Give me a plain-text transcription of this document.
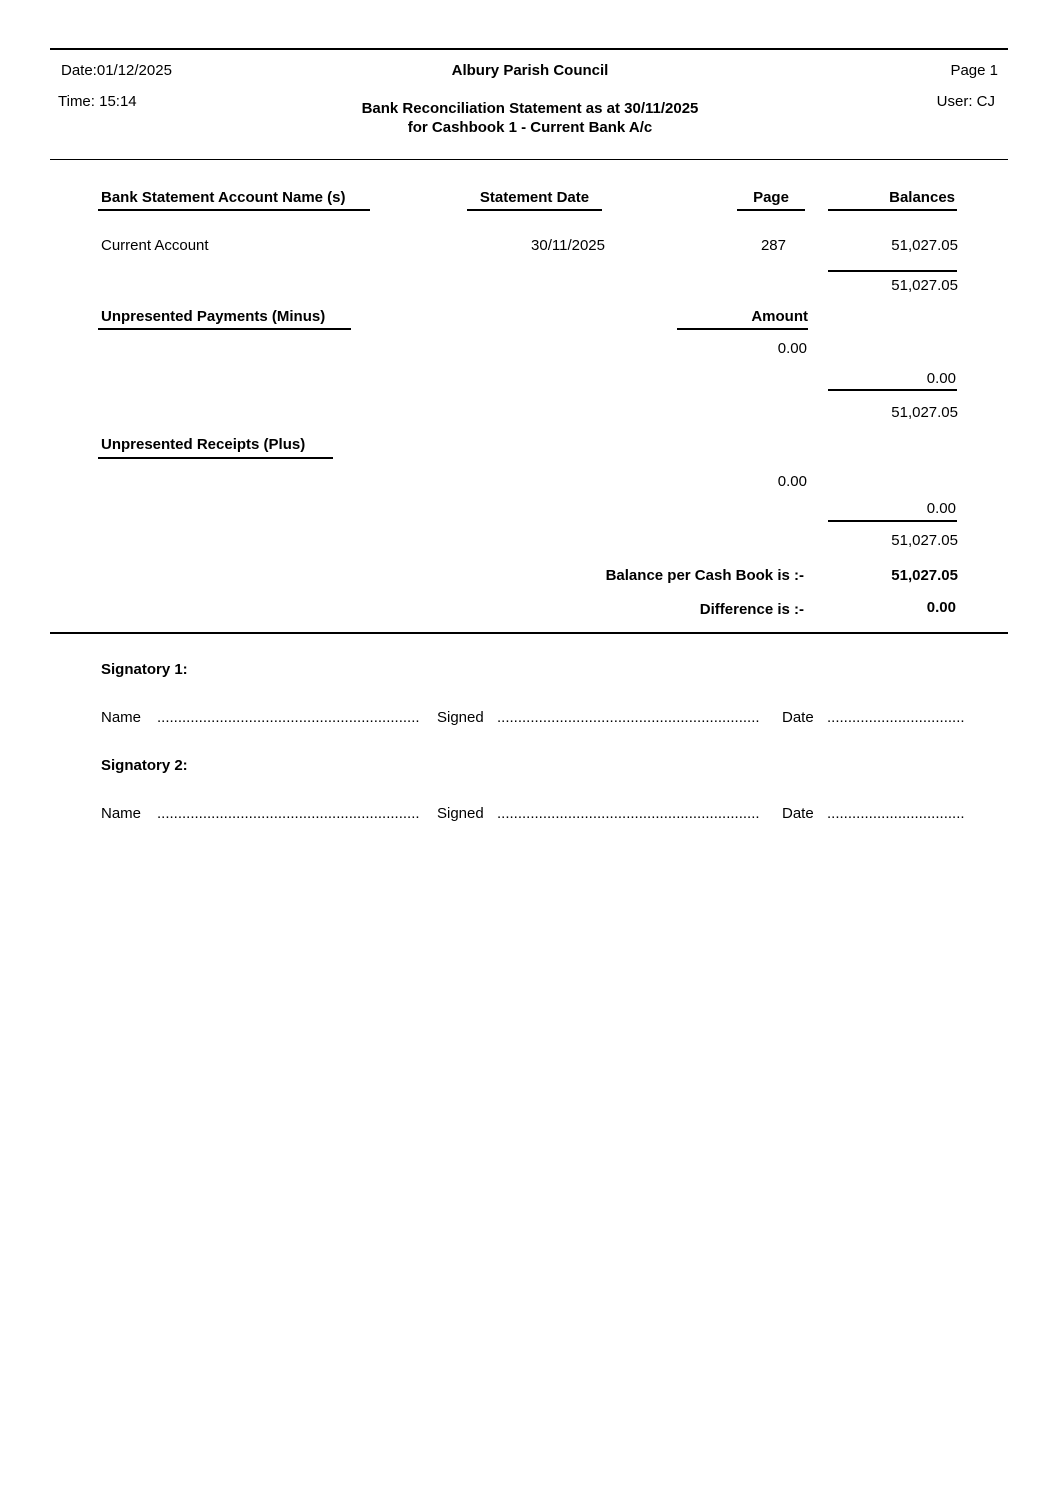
Date:01/12/2025
Time: 15:14
Albury Parish Council
Bank Reconciliation Statement as at 30/11/2025
for Cashbook 1 - Current Bank A/c
Page 1
User: CJ
Bank Statement Account Name (s)	Statement Date	Page	Balances
Current Account	30/11/2025	287	51,027.05
51,027.05
Unpresented Payments (Minus)	Amount
0.00
0.00
51,027.05
Unpresented Receipts (Plus)
0.00
0.00
51,027.05
Balance per Cash Book is :-	51,027.05
Difference is :-	0.00
Signatory 1:
Name ...............................................................	Signed ...............................................................	Date .................................
Signatory 2:
Name ...............................................................	Signed ...............................................................	Date .................................
